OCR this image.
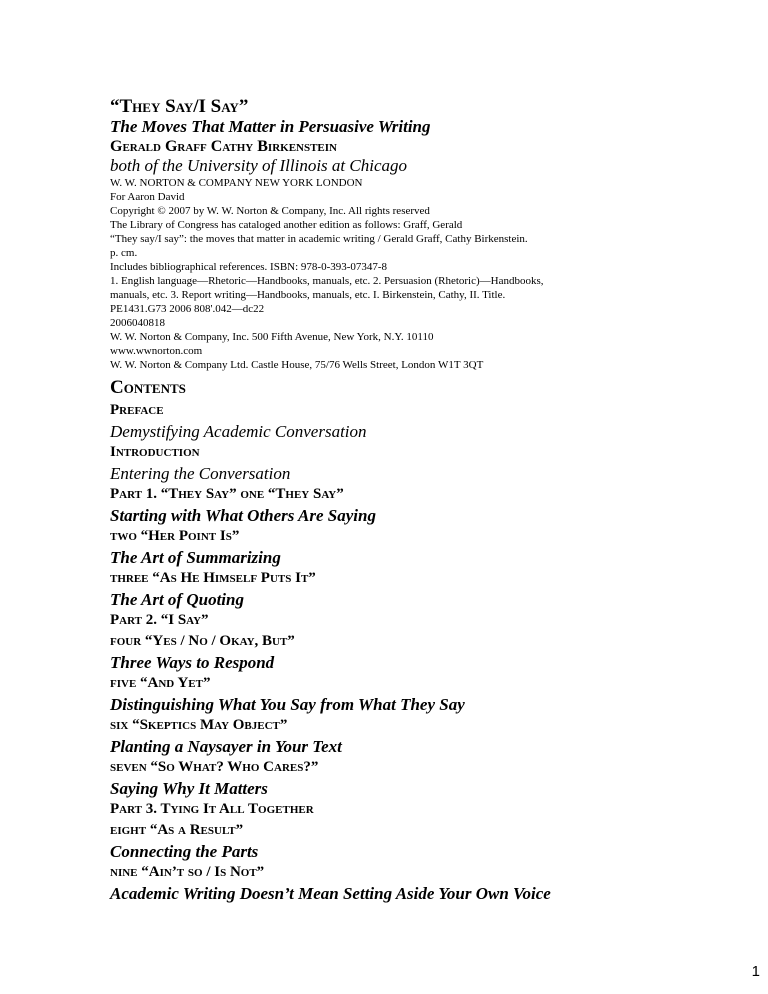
“They Say/I Say”
The Moves That Matter in Persuasive Writing
Gerald Graff Cathy Birkenstein
both of the University of Illinois at Chicago
W. W. NORTON & COMPANY NEW YORK LONDON
For Aaron David
Copyright © 2007 by W. W. Norton & Company, Inc. All rights reserved
The Library of Congress has cataloged another edition as follows: Graff, Gerald
“They say/I say”: the moves that matter in academic writing / Gerald Graff, Cathy Birkenstein.
p. cm.
Includes bibliographical references. ISBN: 978-0-393-07347-8
1. English language—Rhetoric—Handbooks, manuals, etc. 2. Persuasion (Rhetoric)—Handbooks,
manuals, etc. 3. Report writing—Handbooks, manuals, etc. I. Birkenstein, Cathy, II. Title.
PE1431.G73 2006 808'.042—dc22
2006040818
W. W. Norton & Company, Inc. 500 Fifth Avenue, New York, N.Y. 10110
www.wwnorton.com
W. W. Norton & Company Ltd. Castle House, 75/76 Wells Street, London W1T 3QT
Contents
Preface
Demystifying Academic Conversation
Introduction
Entering the Conversation
Part 1. “They Say” one “They Say”
Starting with What Others Are Saying
two “Her Point Is”
The Art of Summarizing
three “As He Himself Puts It”
The Art of Quoting
Part 2. “I Say”
four “Yes / No / Okay, But”
Three Ways to Respond
five “And Yet”
Distinguishing What You Say from What They Say
six “Skeptics May Object”
Planting a Naysayer in Your Text
seven “So What? Who Cares?”
Saying Why It Matters
Part 3. Tying It All Together
eight “As a Result”
Connecting the Parts
nine “Ain’t so / Is Not”
Academic Writing Doesn’t Mean Setting Aside Your Own Voice
1
